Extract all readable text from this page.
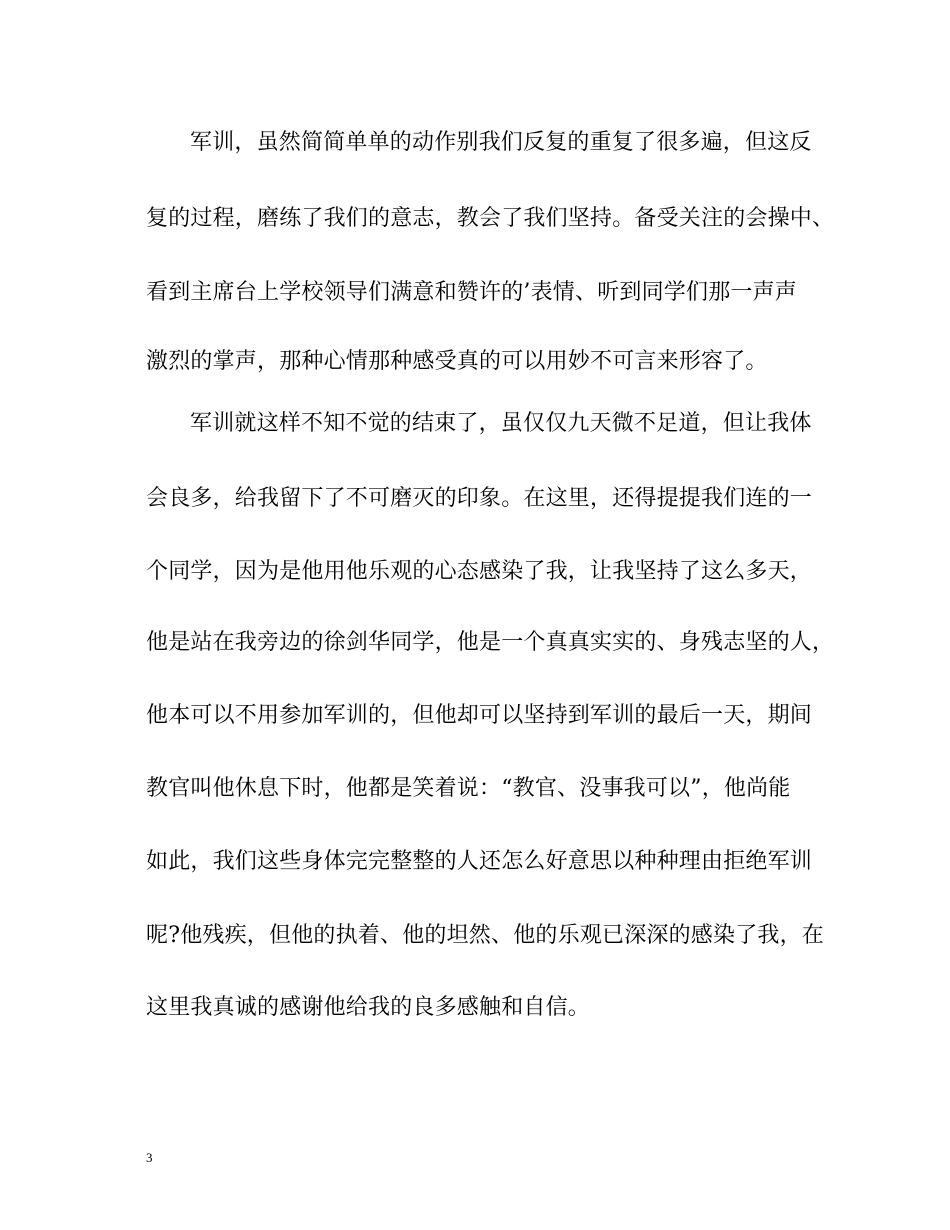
军训，虽然简简单单的动作别我们反复的重复了很多遍，但这反
复的过程，磨练了我们的意志，教会了我们坚持。备受关注的会操中、
看到主席台上学校领导们满意和赞许的’表情、听到同学们那一声声
激烈的掌声，那种心情那种感受真的可以用妙不可言来形容了。
军训就这样不知不觉的结束了，虽仅仅九天微不足道，但让我体
会良多，给我留下了不可磨灭的印象。在这里，还得提提我们连的一
个同学，因为是他用他乐观的心态感染了我，让我坚持了这么多天，
他是站在我旁边的徐剑华同学，他是一个真真实实的、身残志坚的人，
他本可以不用参加军训的，但他却可以坚持到军训的最后一天，期间
教官叫他休息下时，他都是笑着说：“教官、没事我可以”，他尚能
如此，我们这些身体完完整整的人还怎么好意思以种种理由拒绝军训
呢?他残疾，但他的执着、他的坦然、他的乐观已深深的感染了我，在
这里我真诚的感谢他给我的良多感触和自信。
3
